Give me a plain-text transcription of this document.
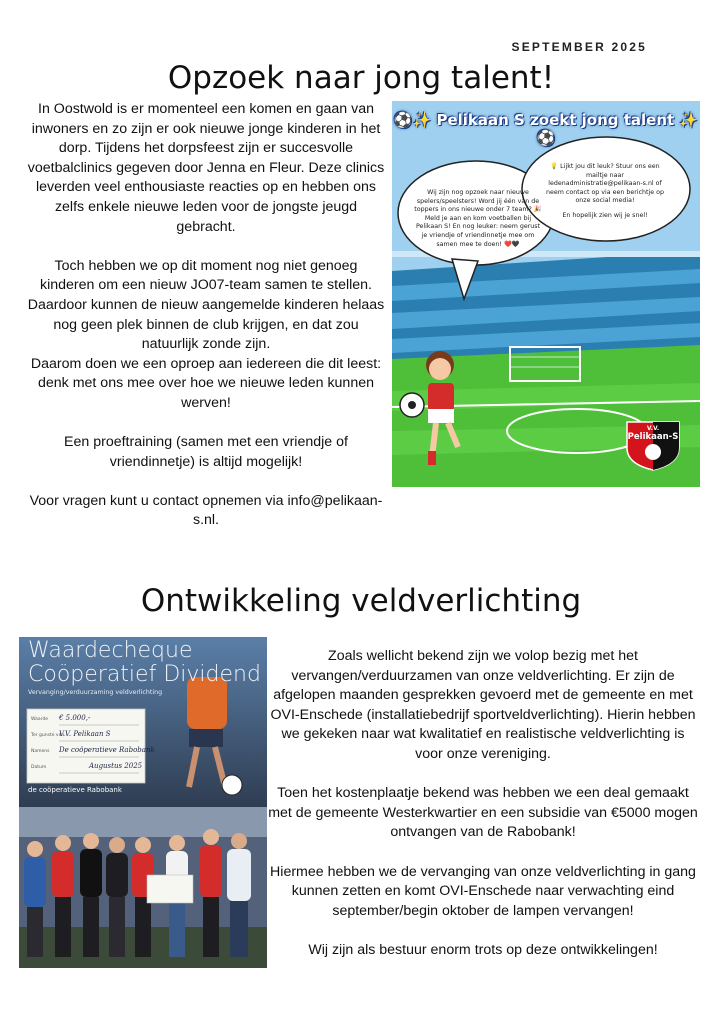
SEPTEMBER 2025
Opzoek naar jong talent!

In Oostwold is er momenteel een komen en gaan van inwoners en zo zijn er ook nieuwe jonge kinderen in het dorp. Tijdens het dorpsfeest zijn er succesvolle voetbalclinics gegeven door Jenna en Fleur. Deze clinics leverden veel enthousiaste reacties op en hebben ons zelfs enkele nieuwe leden voor de jongste jeugd gebracht.

Toch hebben we op dit moment nog niet genoeg kinderen om een nieuw JO07-team samen te stellen. Daardoor kunnen de nieuw aangemelde kinderen helaas nog geen plek binnen de club krijgen, en dat zou natuurlijk zonde zijn.

Daarom doen we een oproep aan iedereen die dit leest: denk met ons mee over hoe we nieuwe leden kunnen werven!

Een proeftraining (samen met een vriendje of vriendinnetje) is altijd mogelijk!

Voor vragen kunt u contact opnemen via info@pelikaan-s.nl.

⚽✨ Pelikaan S zoekt jong talent ✨⚽

Wij zijn nog opzoek naar nieuwe spelers/speelsters! Word jij één van de toppers in ons nieuwe onder 7 team? 🎉 Meld je aan en kom voetballen bij Pelikaan S! En nog leuker: neem gerust je vriendje of vriendinnetje mee om samen mee te doen! ❤️🖤

💡 Lijkt jou dit leuk? Stuur ons een mailtje naar ledenadministratie@pelikaan-s.nl of neem contact op via een berichtje op onze social media!

En hopelijk zien wij je snel!

V.V.
Pelikaan-S
Ontwikkeling veldverlichting
Waardecheque
Coöperatief Dividend
Vervanging/verduurzaming veldverlichting
Waarde € 5.000,-
Ter gunste van
V.V. Pelikaan S
Namens De coöperatieve Rabobank
Datum	Augustus 2025
de coöperatieve Rabobank

Zoals wellicht bekend zijn we volop bezig met het vervangen/verduurzamen van onze veldverlichting. Er zijn de afgelopen maanden gesprekken gevoerd met de gemeente en met OVI-Enschede (installatiebedrijf sportveldverlichting). Hierin hebben we gekeken naar wat kwalitatief en realistische veldverlichting is voor onze vereniging.

Toen het kostenplaatje bekend was hebben we een deal gemaakt met de gemeente Westerkwartier en een subsidie van €5000 mogen ontvangen van de Rabobank!

Hiermee hebben we de vervanging van onze veldverlichting in gang kunnen zetten en komt OVI-Enschede naar verwachting eind september/begin oktober de lampen vervangen!

Wij zijn als bestuur enorm trots op deze ontwikkelingen!
